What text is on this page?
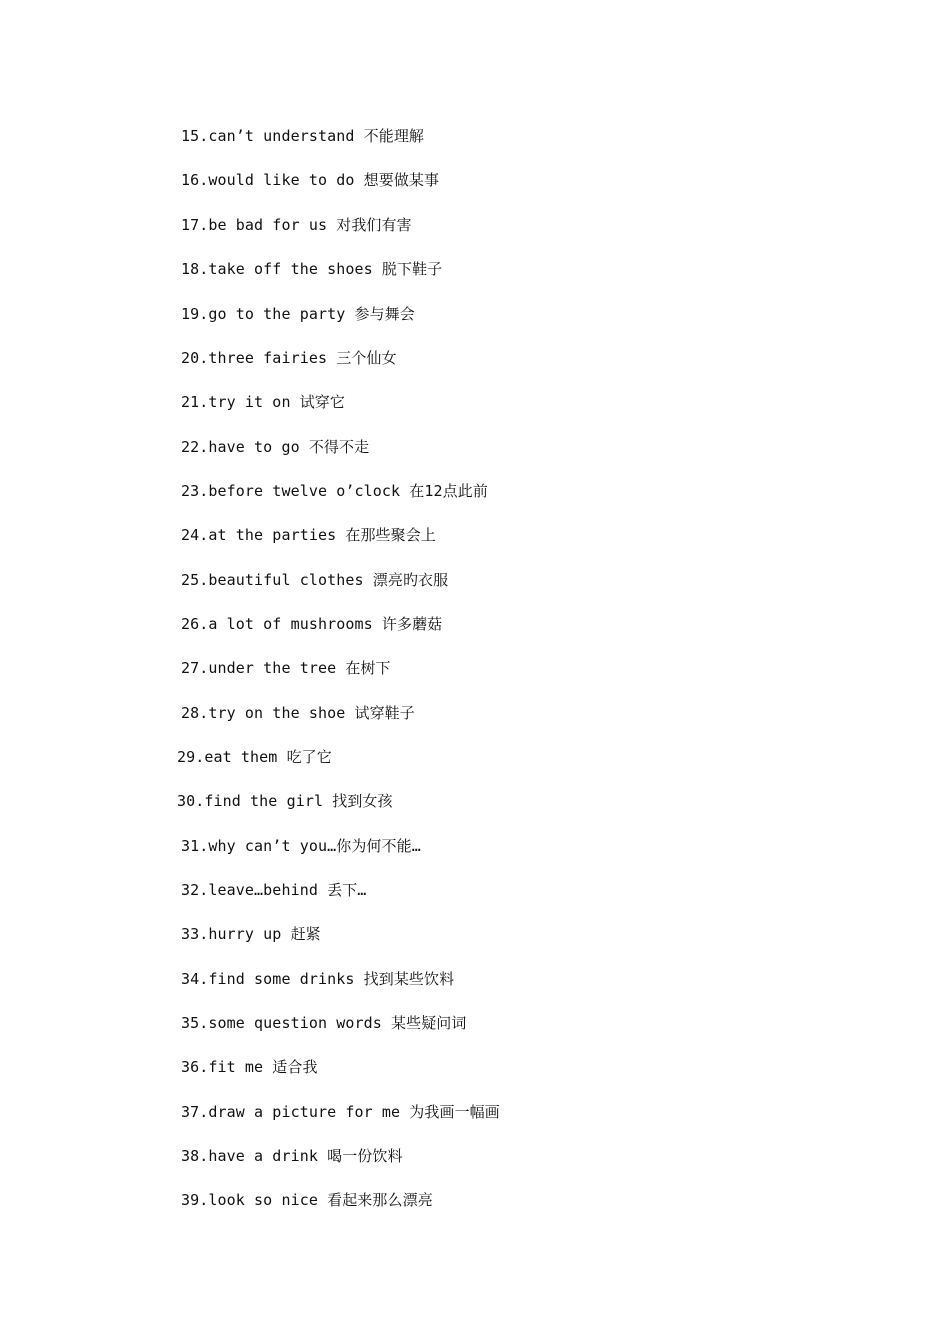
15.can’t understand 不能理解
16.would like to do 想要做某事
17.be bad for us 对我们有害
18.take off the shoes 脱下鞋子
19.go to the party 参与舞会
20.three fairies 三个仙女
21.try it on 试穿它
22.have to go 不得不走
23.before twelve o’clock 在12点此前
24.at the parties 在那些聚会上
25.beautiful clothes 漂亮旳衣服
26.a lot of mushrooms 许多蘑菇
27.under the tree 在树下
28.try on the shoe 试穿鞋子
29.eat them 吃了它
30.find the girl 找到女孩
31.why can’t you…你为何不能…
32.leave…behind 丢下…
33.hurry up 赶紧
34.find some drinks 找到某些饮料
35.some question words 某些疑问词
36.fit me 适合我
37.draw a picture for me 为我画一幅画
38.have a drink 喝一份饮料
39.look so nice 看起来那么漂亮
